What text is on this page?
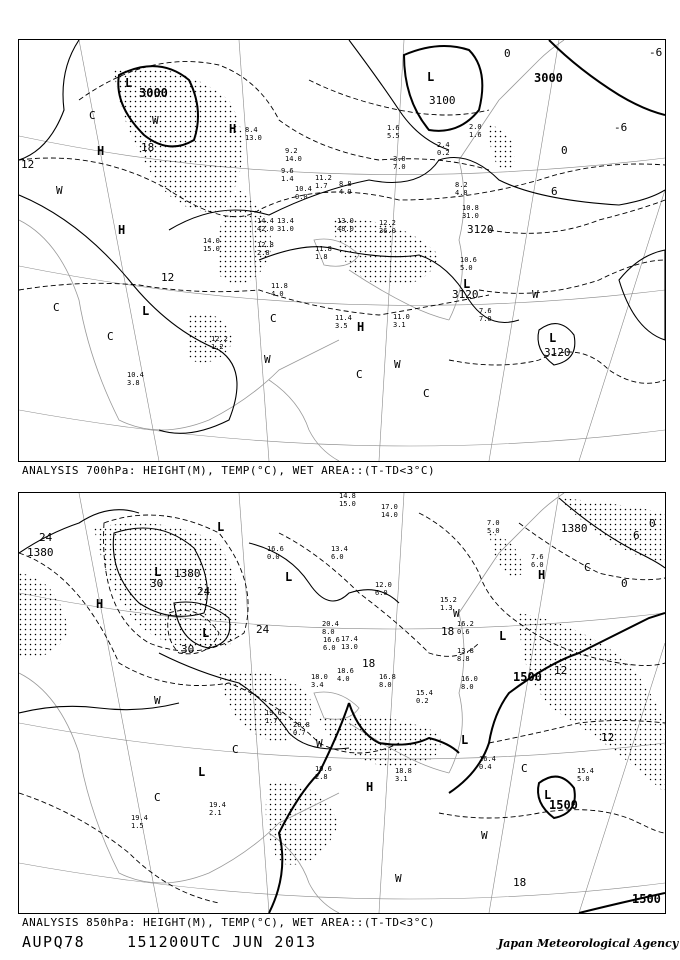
3000
3000
3100
3120
3120
3120
12
12
18
-6
0
0
6
-6
L	L
L
L
L
H
H
H
H
W
W
W	W
W
C
C
C
C
C
C
8.4
13.0
9.2
14.0
9.6
1.4
10.4
0.0
11.2
1.7 8.8
4.9
14.4
42.0
13.4
31.0
13.0
48.0
12.2
36.0
12.8
2.8	11.8
1.8
14.0
15.0
11.8
4.0
12.2
1.2
11.4
3.5
11.0
3.1
7.6
7.0
10.4
3.8
8.2
4.8
10.8
31.0
10.6
5.0
3.0
7.0
2.4
0.2
2.0
1.6
1.6
5.5
ANALYSIS 700hPa: HEIGHT(M), TEMP(°C), WET AREA::(T-TD<3°C)
1380
1380
1380
1500
1500
1500
24
24
24
30
30
18
18
18
12
12
6
0
0
L
L
L
L
L
L
L
L
H
H
H
W
W
W
W
W
C
C
C
C
14.8
15.0	17.0
14.0
16.6
0.0
13.4
6.0
12.0
6.0
15.2
1.3
20.4
8.0
17.4
13.0
16.6
6.0
16.8
8.0
18.0
3.4
18.6
4.0
15.4
0.2
16.0
8.0
16.4
0.4
20.8
0.7
19.6
1.7
19.6
2.8
18.8
3.1
19.4
2.1
19.4
1.5
16.2
0.6
13.8
8.8
7.6
6.0
7.0
5.0
15.4
5.0
ANALYSIS 850hPa: HEIGHT(M), TEMP(°C), WET AREA::(T-TD<3°C)
AUPQ78	151200UTC JUN 2013	Japan Meteorological Agency
